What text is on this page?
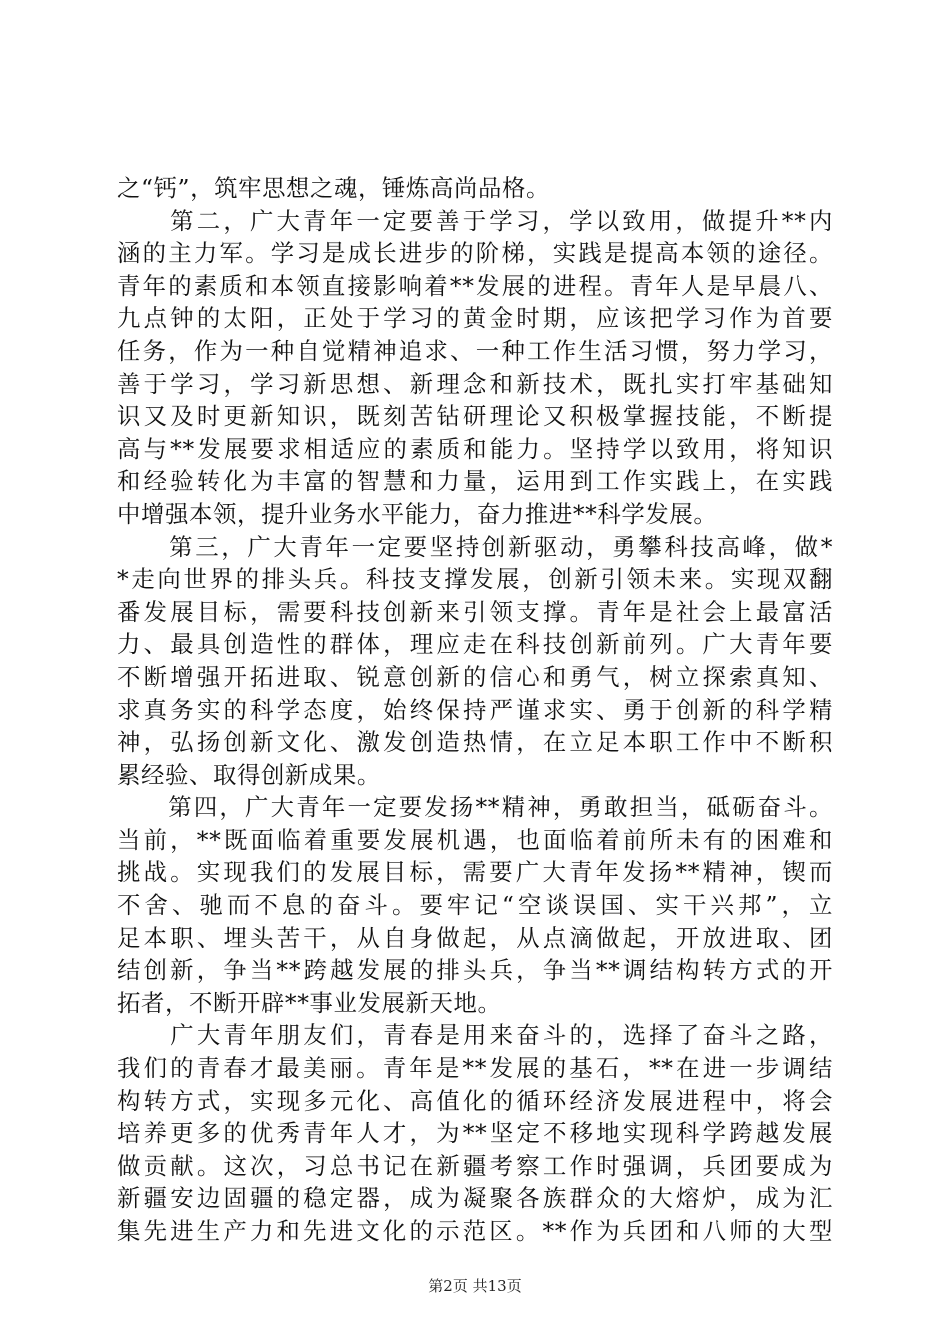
之“钙”，筑牢思想之魂，锤炼高尚品格。
　　第二，广大青年一定要善于学习，学以致用，做提升**内
涵的主力军。学习是成长进步的阶梯，实践是提高本领的途径。
青年的素质和本领直接影响着**发展的进程。青年人是早晨八、
九点钟的太阳，正处于学习的黄金时期，应该把学习作为首要
任务，作为一种自觉精神追求、一种工作生活习惯，努力学习，
善于学习，学习新思想、新理念和新技术，既扎实打牢基础知
识又及时更新知识，既刻苦钻研理论又积极掌握技能，不断提
高与**发展要求相适应的素质和能力。坚持学以致用，将知识
和经验转化为丰富的智慧和力量，运用到工作实践上，在实践
中增强本领，提升业务水平能力，奋力推进**科学发展。
　　第三，广大青年一定要坚持创新驱动，勇攀科技高峰，做*
*走向世界的排头兵。科技支撑发展，创新引领未来。实现双翻
番发展目标，需要科技创新来引领支撑。青年是社会上最富活
力、最具创造性的群体，理应走在科技创新前列。广大青年要
不断增强开拓进取、锐意创新的信心和勇气，树立探索真知、
求真务实的科学态度，始终保持严谨求实、勇于创新的科学精
神，弘扬创新文化、激发创造热情，在立足本职工作中不断积
累经验、取得创新成果。
　　第四，广大青年一定要发扬**精神，勇敢担当，砥砺奋斗。
当前，**既面临着重要发展机遇，也面临着前所未有的困难和
挑战。实现我们的发展目标，需要广大青年发扬**精神，锲而
不舍、驰而不息的奋斗。要牢记“空谈误国、实干兴邦”，立
足本职、埋头苦干，从自身做起，从点滴做起，开放进取、团
结创新，争当**跨越发展的排头兵，争当**调结构转方式的开
拓者，不断开辟**事业发展新天地。
　　广大青年朋友们，青春是用来奋斗的，选择了奋斗之路，
我们的青春才最美丽。青年是**发展的基石，**在进一步调结
构转方式，实现多元化、高值化的循环经济发展进程中，将会
培养更多的优秀青年人才，为**坚定不移地实现科学跨越发展
做贡献。这次，习总书记在新疆考察工作时强调，兵团要成为
新疆安边固疆的稳定器，成为凝聚各族群众的大熔炉，成为汇
集先进生产力和先进文化的示范区。**作为兵团和八师的大型
第2页 共13页
